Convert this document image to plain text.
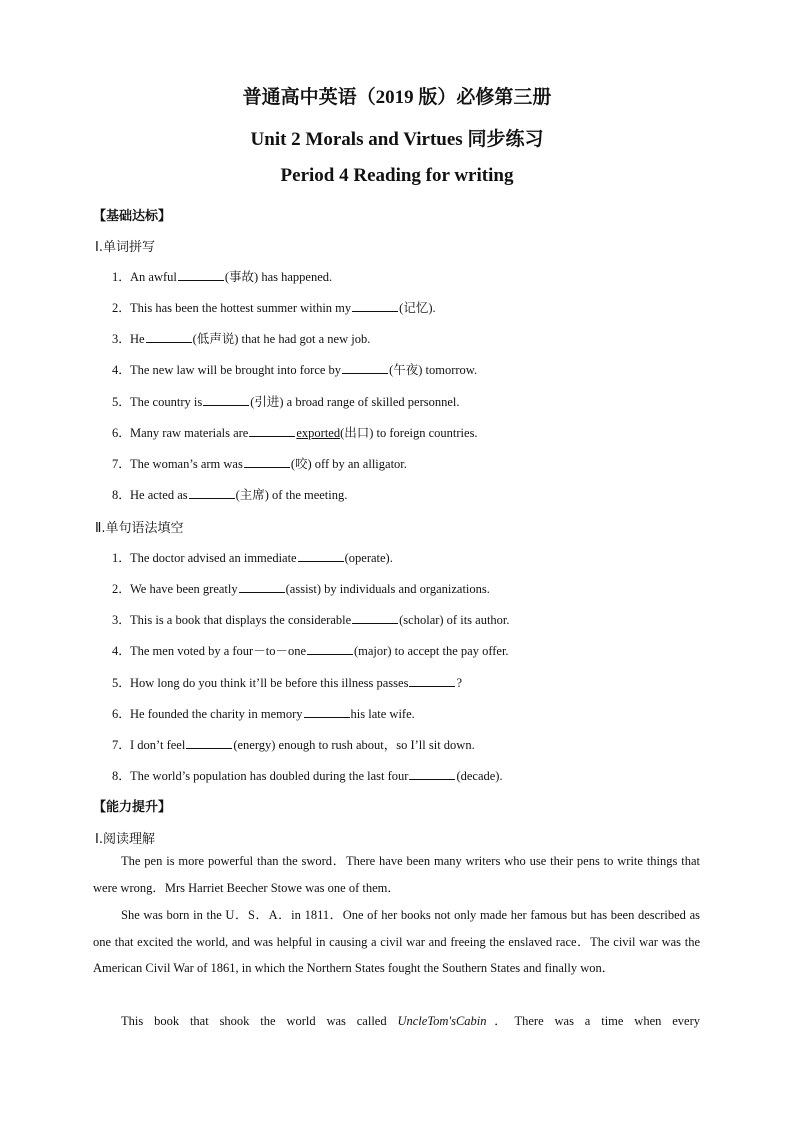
普通高中英语（2019 版）必修第三册
Unit 2 Morals and Virtues 同步练习
Period 4 Reading for writing
【基础达标】
Ⅰ.单词拼写
1．An awful	(事故) has happened.
2．This has been the hottest summer within my	(记忆).
3．He	(低声说) that he had got a new job.
4．The new law will be brought into force by	(午夜) tomorrow.
5．The country is	(引进) a broad range of skilled personnel.
6．Many raw materials are	exported(出口) to foreign countries.
7．The woman’s arm was	(咬) off by an alligator.
8．He acted as	(主席) of the meeting.
Ⅱ.单句语法填空
1．The doctor advised an immediate	(operate).
2．We have been greatly	(assist) by individuals and organizations.
3．This is a book that displays the considerable	(scholar) of its author.
4．The men voted by a four－to－one	(major) to accept the pay offer.
5．How long do you think it’ll be before this illness passes	?
6．He founded the charity in memory	his late wife.
7．I don’t feel	(energy) enough to rush about，so I’ll sit down.
8．The world’s population has doubled during the last four	(decade).
【能力提升】
Ⅰ.阅读理解
The pen is more powerful than the sword．There have been many writers who use their pens to write things that were wrong．Mrs Harriet Beecher Stowe was one of them．
She was born in the U．S．A．in 1811．One of her books not only made her famous but has been described as one that excited the world, and was helpful in causing a civil war and freeing the enslaved race．The civil war was the American Civil War of 1861, in which the Northern States fought the Southern States and finally won．
This book that shook the world was called UncleTom'sCabin．There was a time when every
